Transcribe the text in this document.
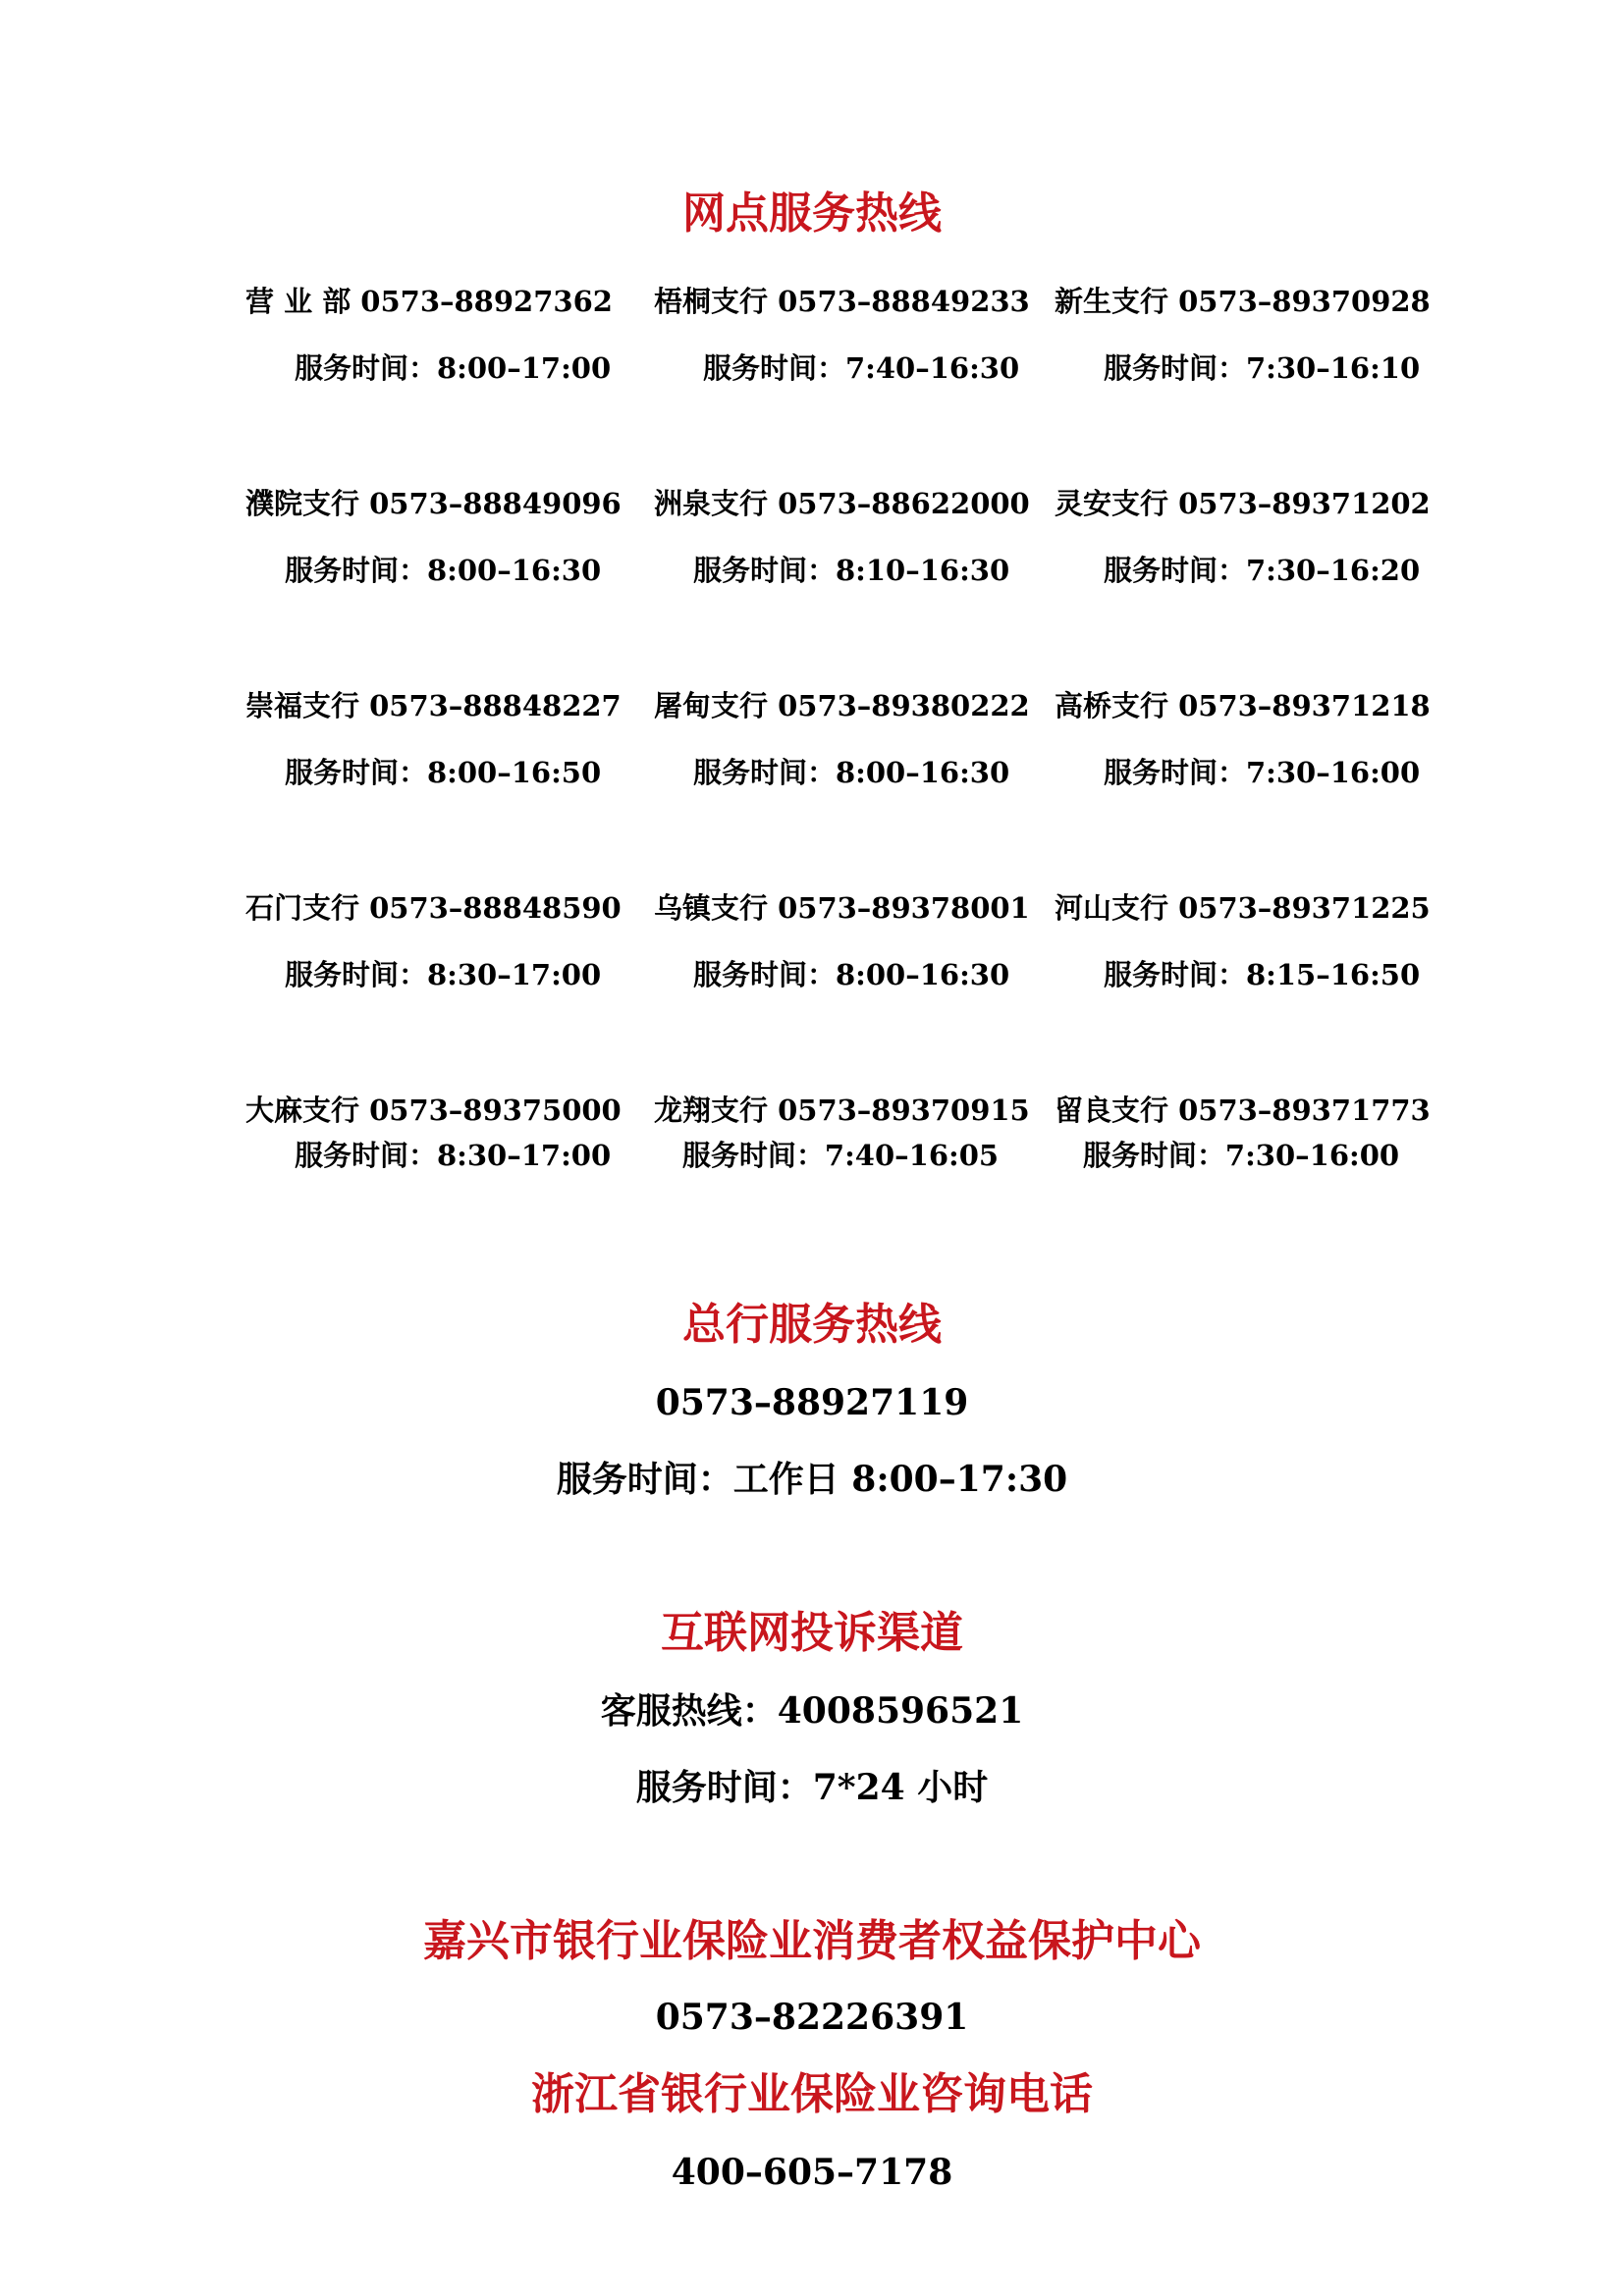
网点服务热线
营 业 部 0573–88927362
服务时间：8:00–17:00
梧桐支行 0573–88849233
服务时间：7:40–16:30
新生支行 0573–89370928
服务时间：7:30–16:10
濮院支行 0573–88849096
服务时间：8:00–16:30
洲泉支行 0573–88622000
服务时间：8:10–16:30
灵安支行 0573–89371202
服务时间：7:30–16:20
崇福支行 0573–88848227
服务时间：8:00–16:50
屠甸支行 0573–89380222
服务时间：8:00–16:30
高桥支行 0573–89371218
服务时间：7:30–16:00
石门支行 0573–88848590
服务时间：8:30–17:00
乌镇支行 0573–89378001
服务时间：8:00–16:30
河山支行 0573–89371225
服务时间：8:15–16:50
大麻支行 0573–89375000
服务时间：8:30–17:00
龙翔支行 0573–89370915
服务时间：7:40–16:05
留良支行 0573–89371773
服务时间：7:30–16:00
总行服务热线
0573–88927119
服务时间：工作日 8:00–17:30
互联网投诉渠道
客服热线：4008596521
服务时间：7*24 小时
嘉兴市银行业保险业消费者权益保护中心
0573–82226391
浙江省银行业保险业咨询电话
400–605–7178
